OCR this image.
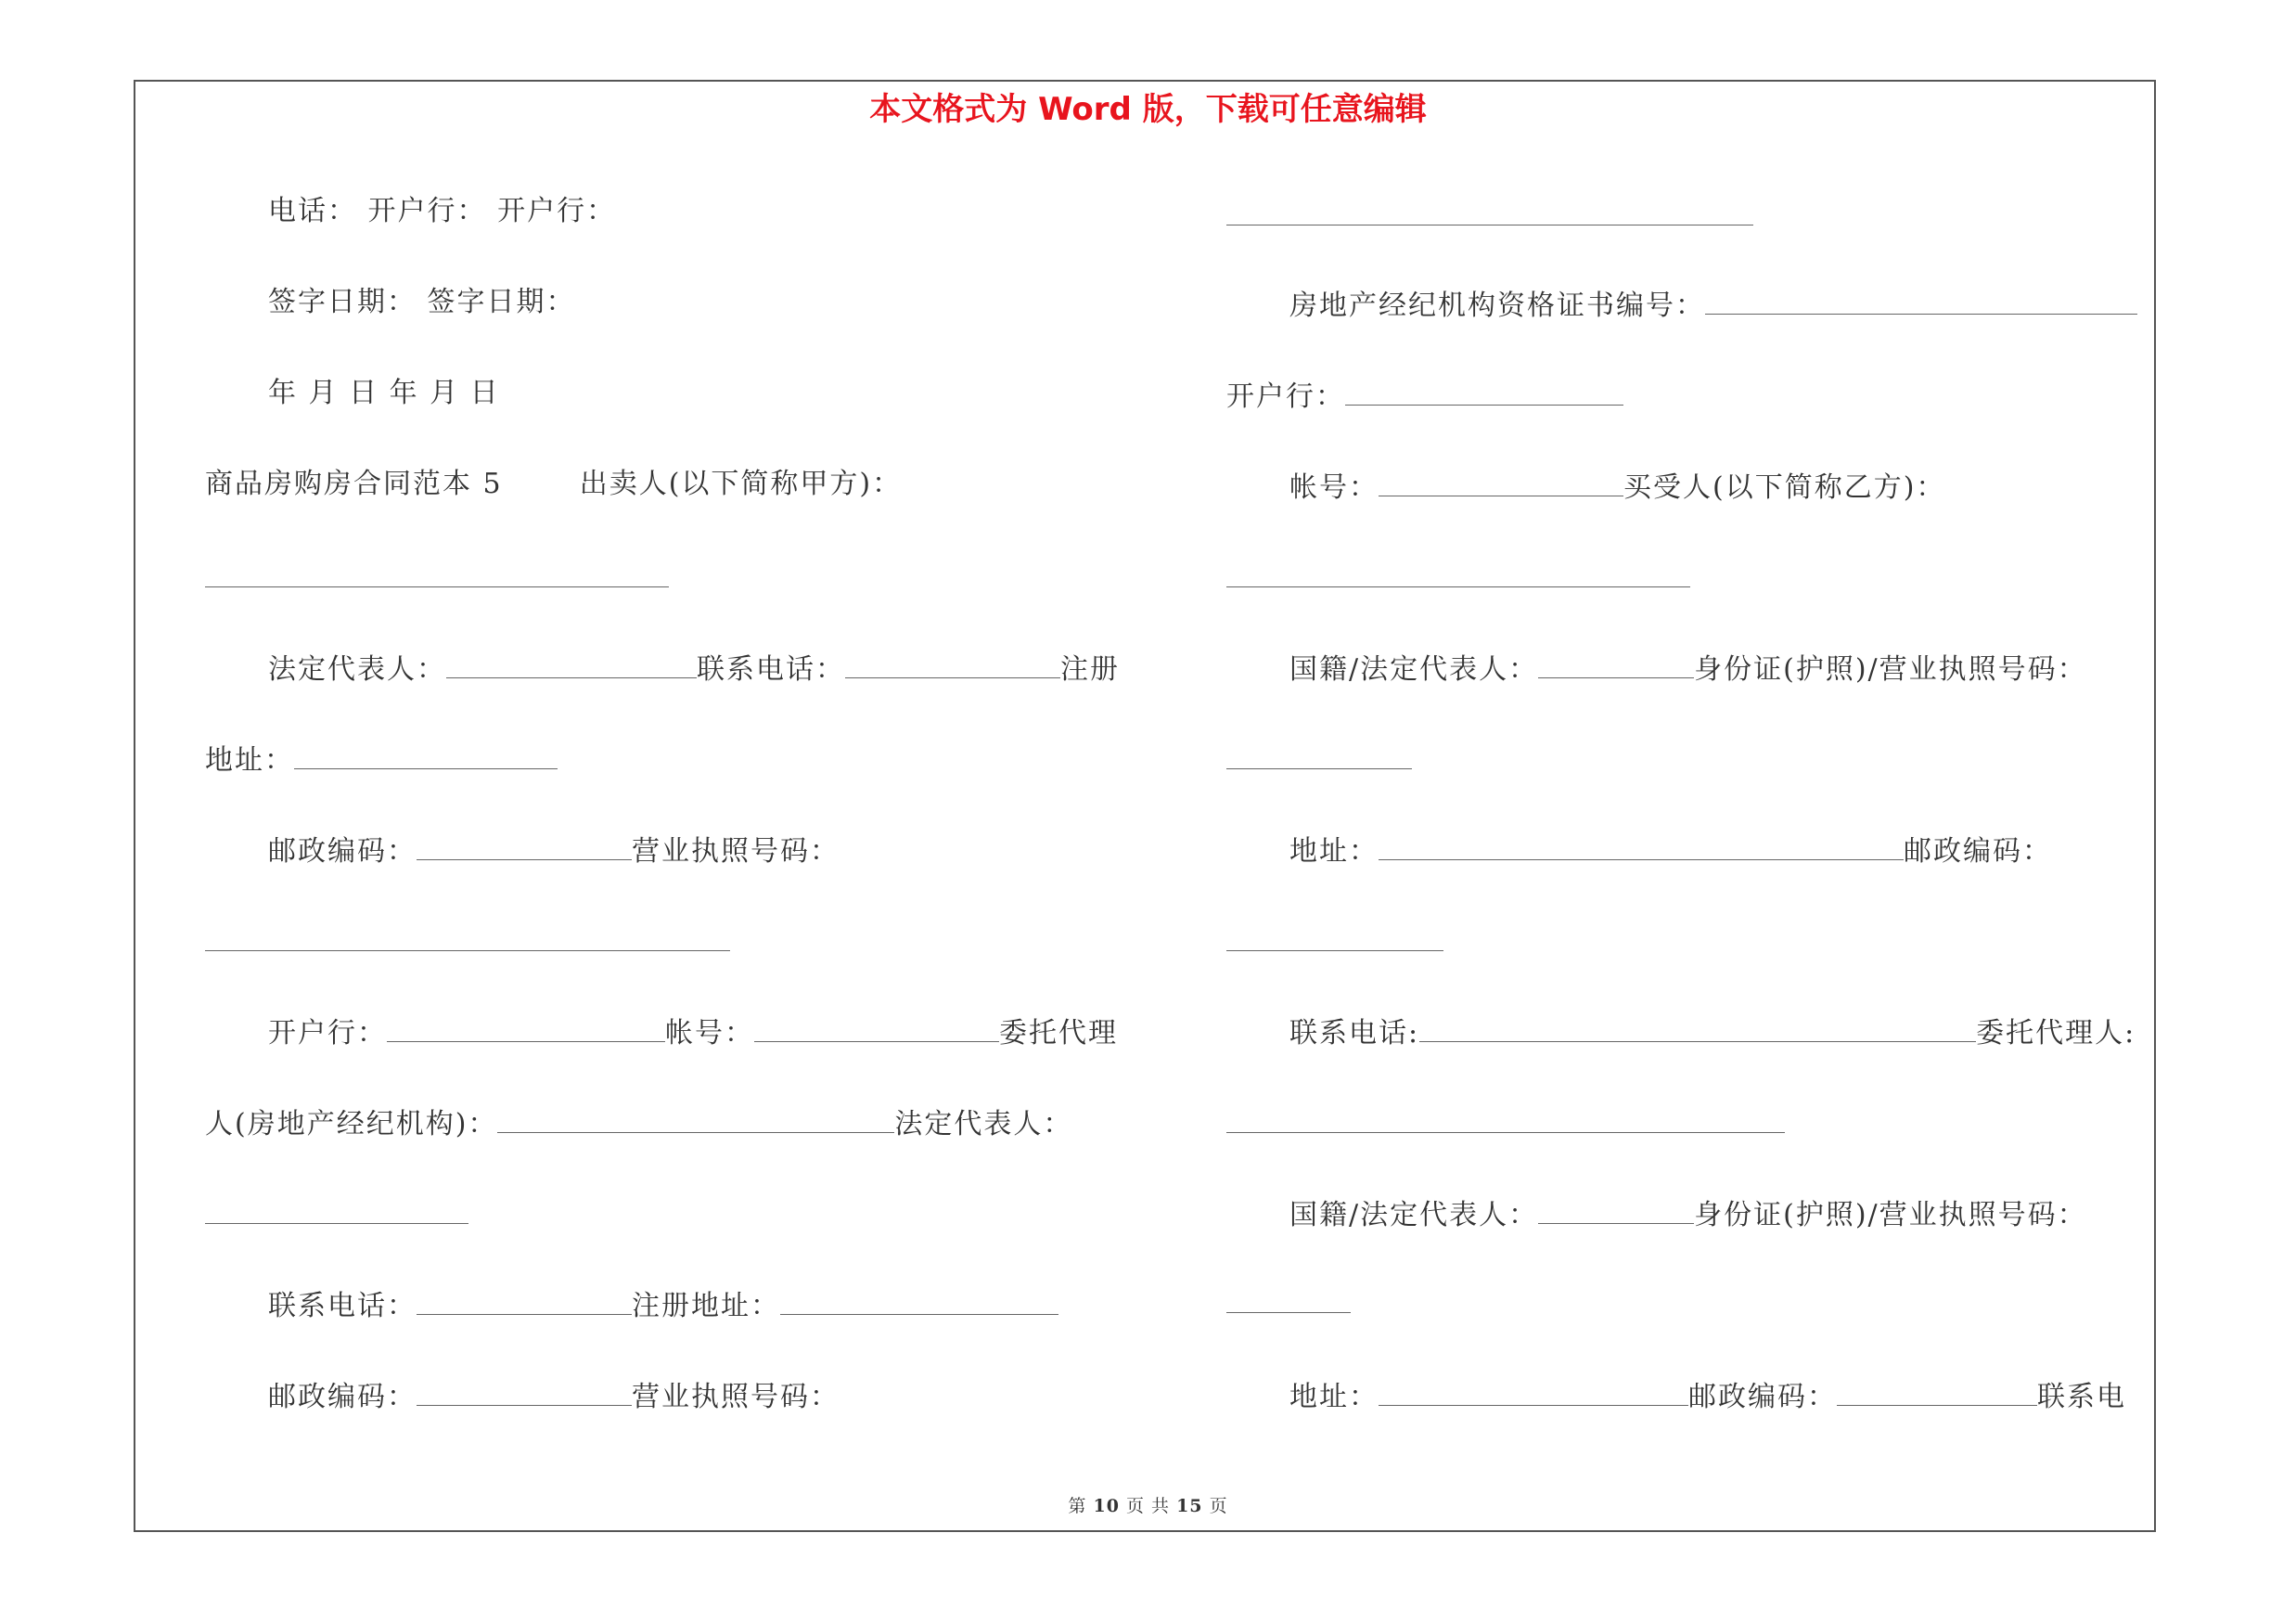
本文格式为 Word 版，下载可任意编辑
电话： 开户行： 开户行：
签字日期： 签字日期：
年 月 日 年 月 日
商品房购房合同范本 5	出卖人(以下简称甲方)：
法定代表人：	联系电话：	注册
地址：
邮政编码：	营业执照号码：
开户行：	帐号：	委托代理
人(房地产经纪机构)：	法定代表人：
联系电话：	注册地址：
邮政编码：	营业执照号码：
房地产经纪机构资格证书编号：
开户行：
帐号：	买受人(以下简称乙方)：
国籍/法定代表人：	身份证(护照)/营业执照号码：
地址：	邮政编码：
联系电话:	委托代理人:
国籍/法定代表人：	身份证(护照)/营业执照号码：
地址：	邮政编码：	联系电
第 10 页 共 15 页
